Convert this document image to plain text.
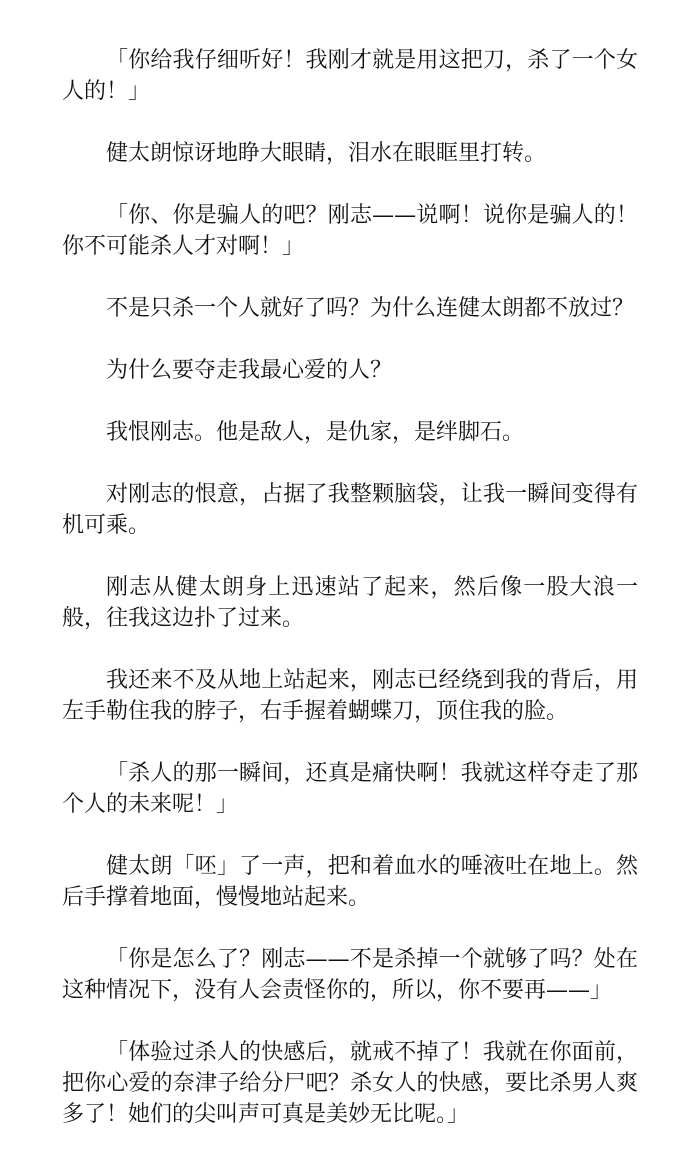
「你给我仔细听好！我刚才就是用这把刀，杀了一个女人的！」

健太朗惊讶地睁大眼睛，泪水在眼眶里打转。

「你、你是骗人的吧？刚志——说啊！说你是骗人的！你不可能杀人才对啊！」

不是只杀一个人就好了吗？为什么连健太朗都不放过？

为什么要夺走我最心爱的人？

我恨刚志。他是敌人，是仇家，是绊脚石。

对刚志的恨意，占据了我整颗脑袋，让我一瞬间变得有机可乘。

刚志从健太朗身上迅速站了起来，然后像一股大浪一般，往我这边扑了过来。

我还来不及从地上站起来，刚志已经绕到我的背后，用左手勒住我的脖子，右手握着蝴蝶刀，顶住我的脸。

「杀人的那一瞬间，还真是痛快啊！我就这样夺走了那个人的未来呢！」

健太朗「呸」了一声，把和着血水的唾液吐在地上。然后手撑着地面，慢慢地站起来。

「你是怎么了？刚志——不是杀掉一个就够了吗？处在这种情况下，没有人会责怪你的，所以，你不要再——」

「体验过杀人的快感后，就戒不掉了！我就在你面前，把你心爱的奈津子给分尸吧？杀女人的快感，要比杀男人爽多了！她们的尖叫声可真是美妙无比呢。」
